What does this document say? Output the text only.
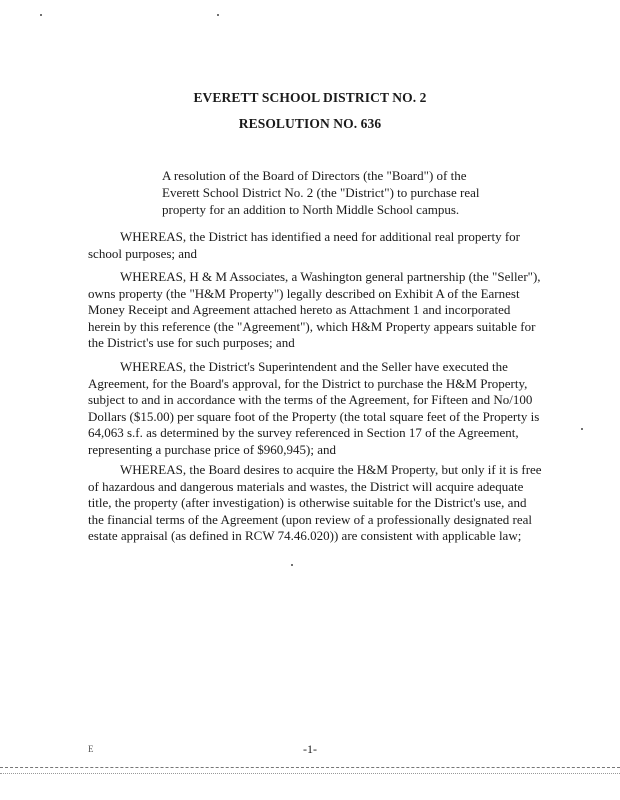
EVERETT SCHOOL DISTRICT NO. 2
RESOLUTION NO. 636
A resolution of the Board of Directors (the "Board") of the Everett School District No. 2 (the "District") to purchase real property for an addition to North Middle School campus.
WHEREAS, the District has identified a need for additional real property for school purposes; and
WHEREAS, H & M Associates, a Washington general partnership (the "Seller"), owns property (the "H&M Property") legally described on Exhibit A of the Earnest Money Receipt and Agreement attached hereto as Attachment 1 and incorporated herein by this reference (the "Agreement"), which H&M Property appears suitable for the District's use for such purposes; and
WHEREAS, the District's Superintendent and the Seller have executed the Agreement, for the Board's approval, for the District to purchase the H&M Property, subject to and in accordance with the terms of the Agreement, for Fifteen and No/100 Dollars ($15.00) per square foot of the Property (the total square feet of the Property is 64,063 s.f. as determined by the survey referenced in Section 17 of the Agreement, representing a purchase price of $960,945); and
WHEREAS, the Board desires to acquire the H&M Property, but only if it is free of hazardous and dangerous materials and wastes, the District will acquire adequate title, the property (after investigation) is otherwise suitable for the District's use, and the financial terms of the Agreement (upon review of a professionally designated real estate appraisal (as defined in RCW 74.46.020)) are consistent with applicable law;
E	-1-
